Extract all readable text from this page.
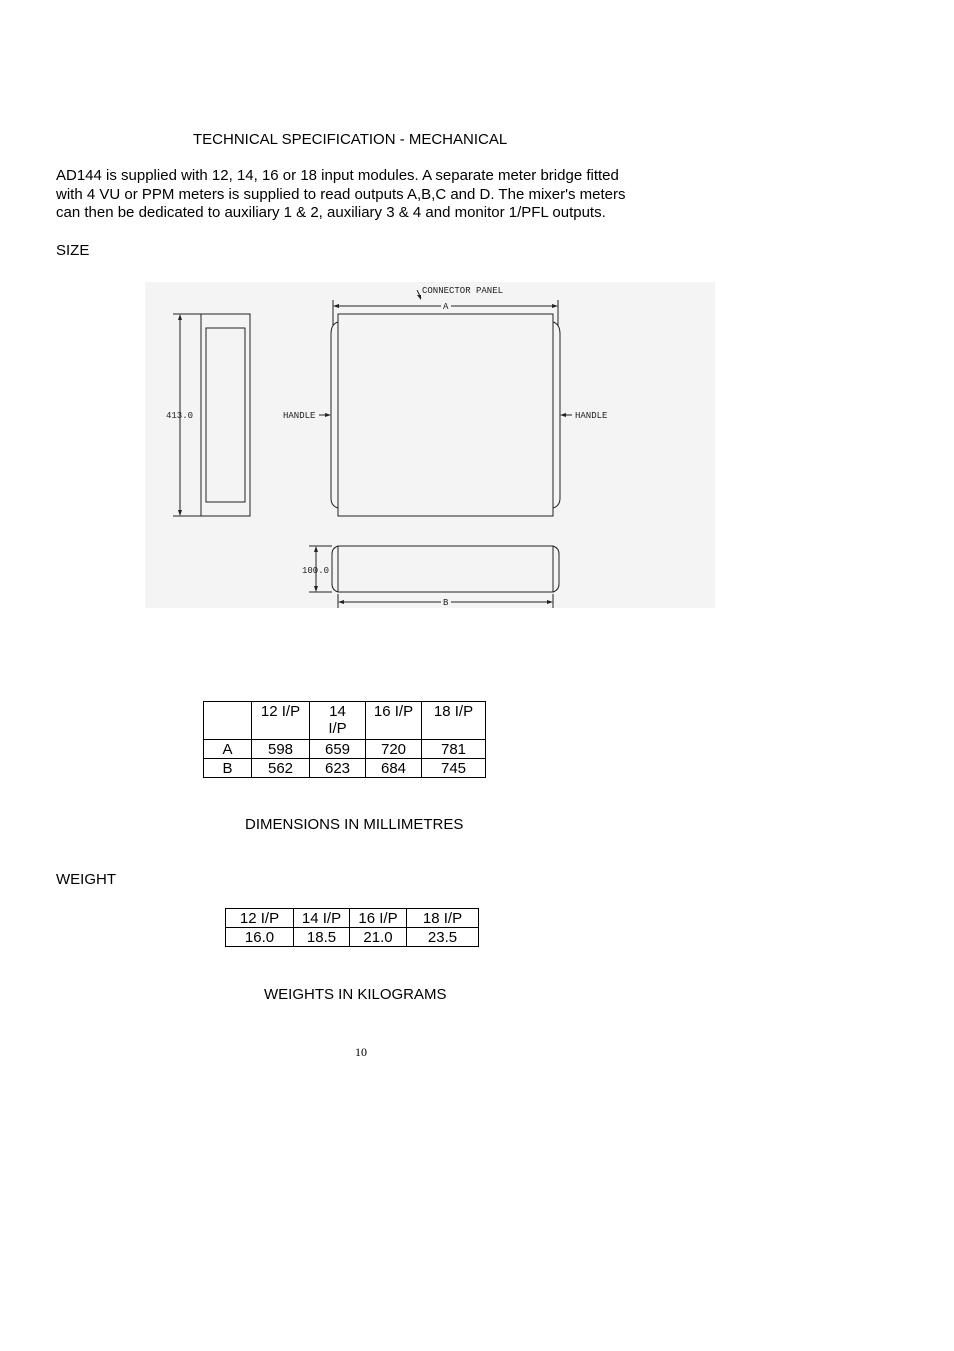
TECHNICAL SPECIFICATION - MECHANICAL
AD144 is supplied with 12, 14, 16 or 18 input modules. A separate meter bridge fitted
with 4 VU or PPM meters is supplied to read outputs A,B,C and D. The mixer's meters
can then be dedicated to auxiliary 1 & 2, auxiliary 3 & 4 and monitor 1/PFL outputs.
SIZE
CONNECTOR PANEL
A
B
HANDLE	HANDLE
413.0
100.0
	12 I/P	14 I/P	16 I/P	18 I/P
A	598	659	720	781
B	562	623	684	745
DIMENSIONS IN MILLIMETRES
WEIGHT
12 I/P	14 I/P	16 I/P	18 I/P
16.0	18.5	21.0	23.5
WEIGHTS IN KILOGRAMS
10
